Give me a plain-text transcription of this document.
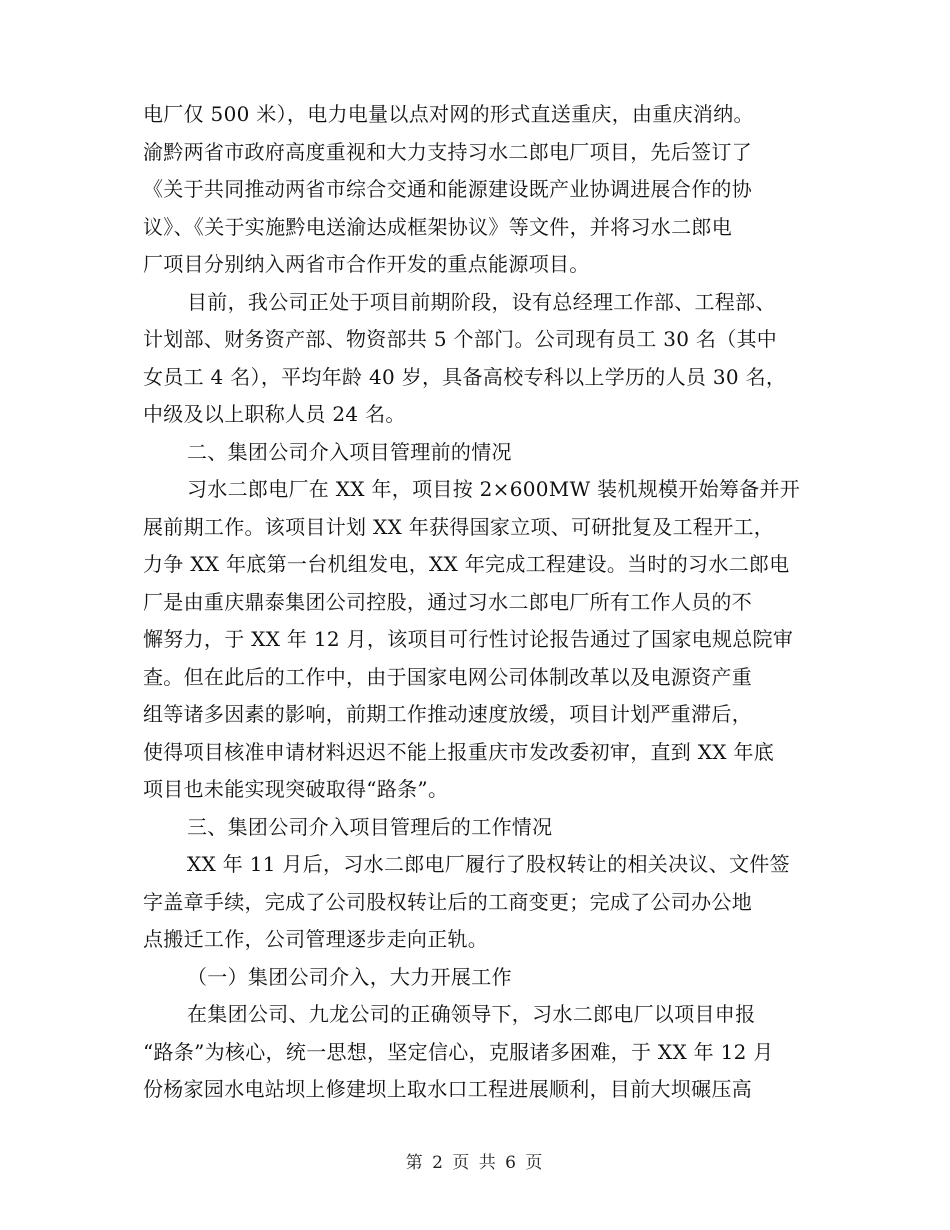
电厂仅 500 米），电力电量以点对网的形式直送重庆，由重庆消纳。
渝黔两省市政府高度重视和大力支持习水二郎电厂项目，先后签订了
《关于共同推动两省市综合交通和能源建设既产业协调进展合作的协
议》、《关于实施黔电送渝达成框架协议》等文件，并将习水二郎电
厂项目分别纳入两省市合作开发的重点能源项目。
目前，我公司正处于项目前期阶段，设有总经理工作部、工程部、
计划部、财务资产部、物资部共 5 个部门。公司现有员工 30 名（其中
女员工 4 名），平均年龄 40 岁，具备高校专科以上学历的人员 30 名，
中级及以上职称人员 24 名。
二、集团公司介入项目管理前的情况
习水二郎电厂在 XX 年，项目按 2×600MW 装机规模开始筹备并开
展前期工作。该项目计划 XX 年获得国家立项、可研批复及工程开工，
力争 XX 年底第一台机组发电，XX 年完成工程建设。当时的习水二郎电
厂是由重庆鼎泰集团公司控股，通过习水二郎电厂所有工作人员的不
懈努力，于 XX 年 12 月，该项目可行性讨论报告通过了国家电规总院审
查。但在此后的工作中，由于国家电网公司体制改革以及电源资产重
组等诸多因素的影响，前期工作推动速度放缓，项目计划严重滞后，
使得项目核准申请材料迟迟不能上报重庆市发改委初审，直到 XX 年底
项目也未能实现突破取得“路条”。
三、集团公司介入项目管理后的工作情况
XX 年 11 月后，习水二郎电厂履行了股权转让的相关决议、文件签
字盖章手续，完成了公司股权转让后的工商变更；完成了公司办公地
点搬迁工作，公司管理逐步走向正轨。
（一）集团公司介入，大力开展工作
在集团公司、九龙公司的正确领导下，习水二郎电厂以项目申报
“路条”为核心，统一思想，坚定信心，克服诸多困难，于 XX 年 12 月
份杨家园水电站坝上修建坝上取水口工程进展顺利，目前大坝碾压高
第 2 页 共 6 页
